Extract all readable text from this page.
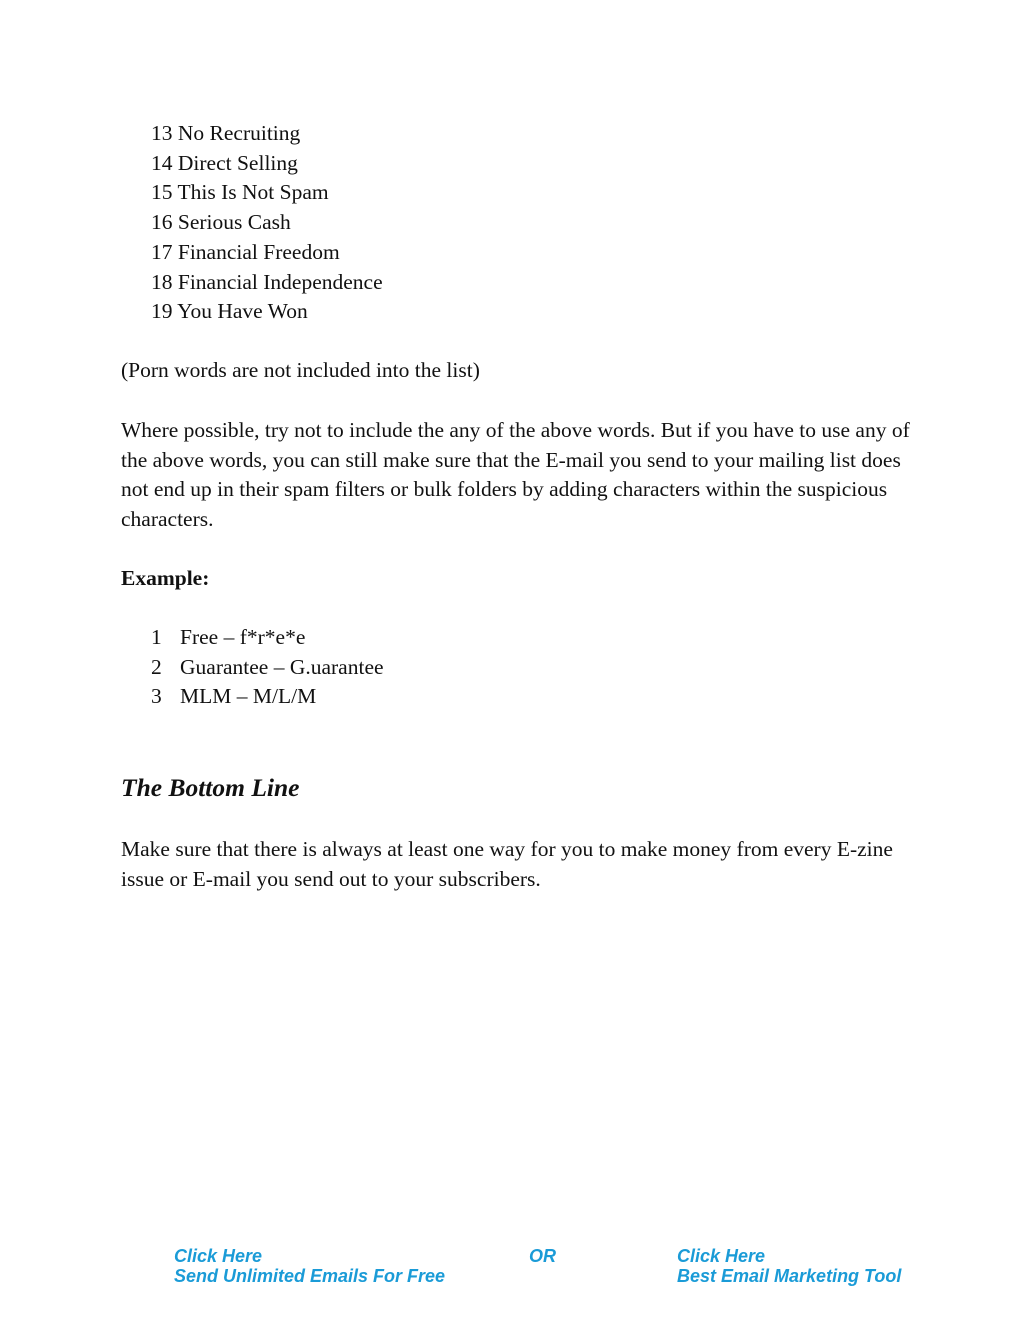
13 No Recruiting
14 Direct Selling
15 This Is Not Spam
16 Serious Cash
17 Financial Freedom
18 Financial Independence
19 You Have Won

(Porn words are not included into the list)

Where possible, try not to include the any of the above words. But if you have to use any of the above words, you can still make sure that the E-mail you send to your mailing list does not end up in their spam filters or bulk folders by adding characters within the suspicious characters.

Example:

1 Free – f*r*e*e
2 Guarantee – G.uarantee
3 MLM – M/L/M
The Bottom Line

Make sure that there is always at least one way for you to make money from every E-zine issue or E-mail you send out to your subscribers.

Click Here
Send Unlimited Emails For Free
OR	Click Here
Best Email Marketing Tool
